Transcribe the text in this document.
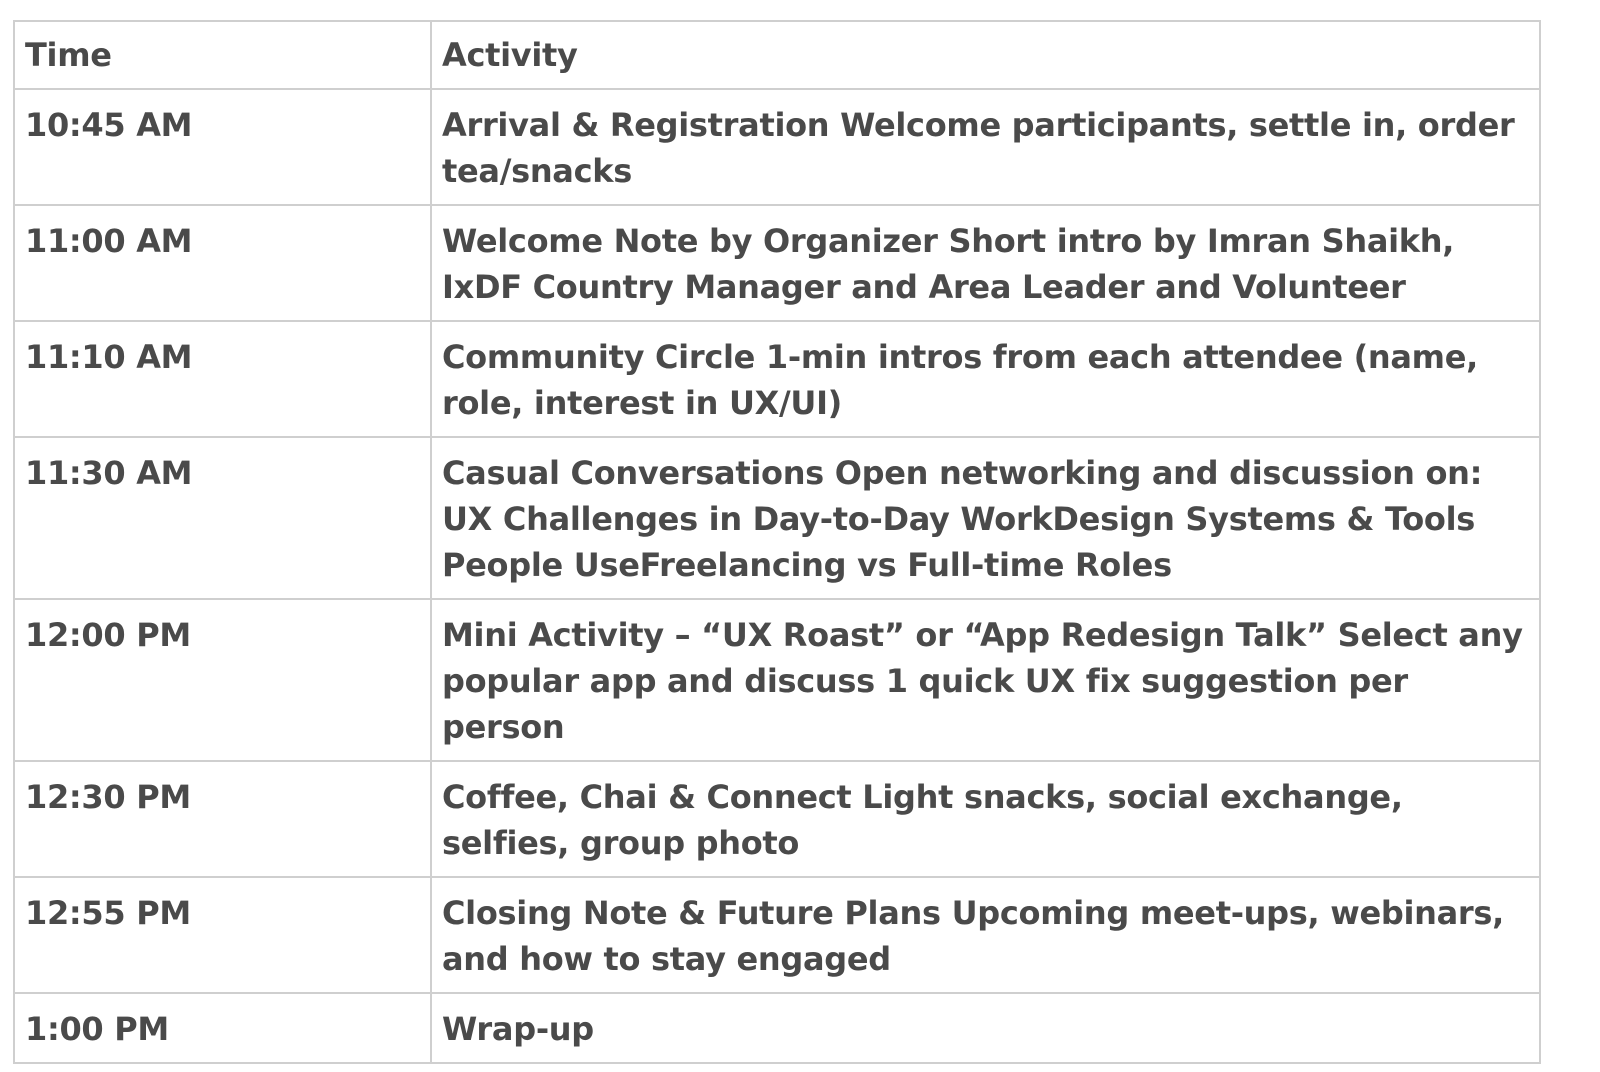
Time	Activity
10:45 AM	Arrival & Registration Welcome participants, settle in, order tea/snacks
11:00 AM	Welcome Note by Organizer Short intro by Imran Shaikh, IxDF Country Manager and Area Leader and Volunteer
11:10 AM	Community Circle 1-min intros from each attendee (name, role, interest in UX/UI)
11:30 AM	Casual Conversations Open networking and discussion on: UX Challenges in Day-to-Day WorkDesign Systems & Tools People UseFreelancing vs Full-time Roles
12:00 PM	Mini Activity – “UX Roast” or “App Redesign Talk” Select any popular app and discuss 1 quick UX fix suggestion per person
12:30 PM	Coffee, Chai & Connect Light snacks, social exchange, selfies, group photo
12:55 PM	Closing Note & Future Plans Upcoming meet-ups, webinars, and how to stay engaged
1:00 PM	Wrap-up
